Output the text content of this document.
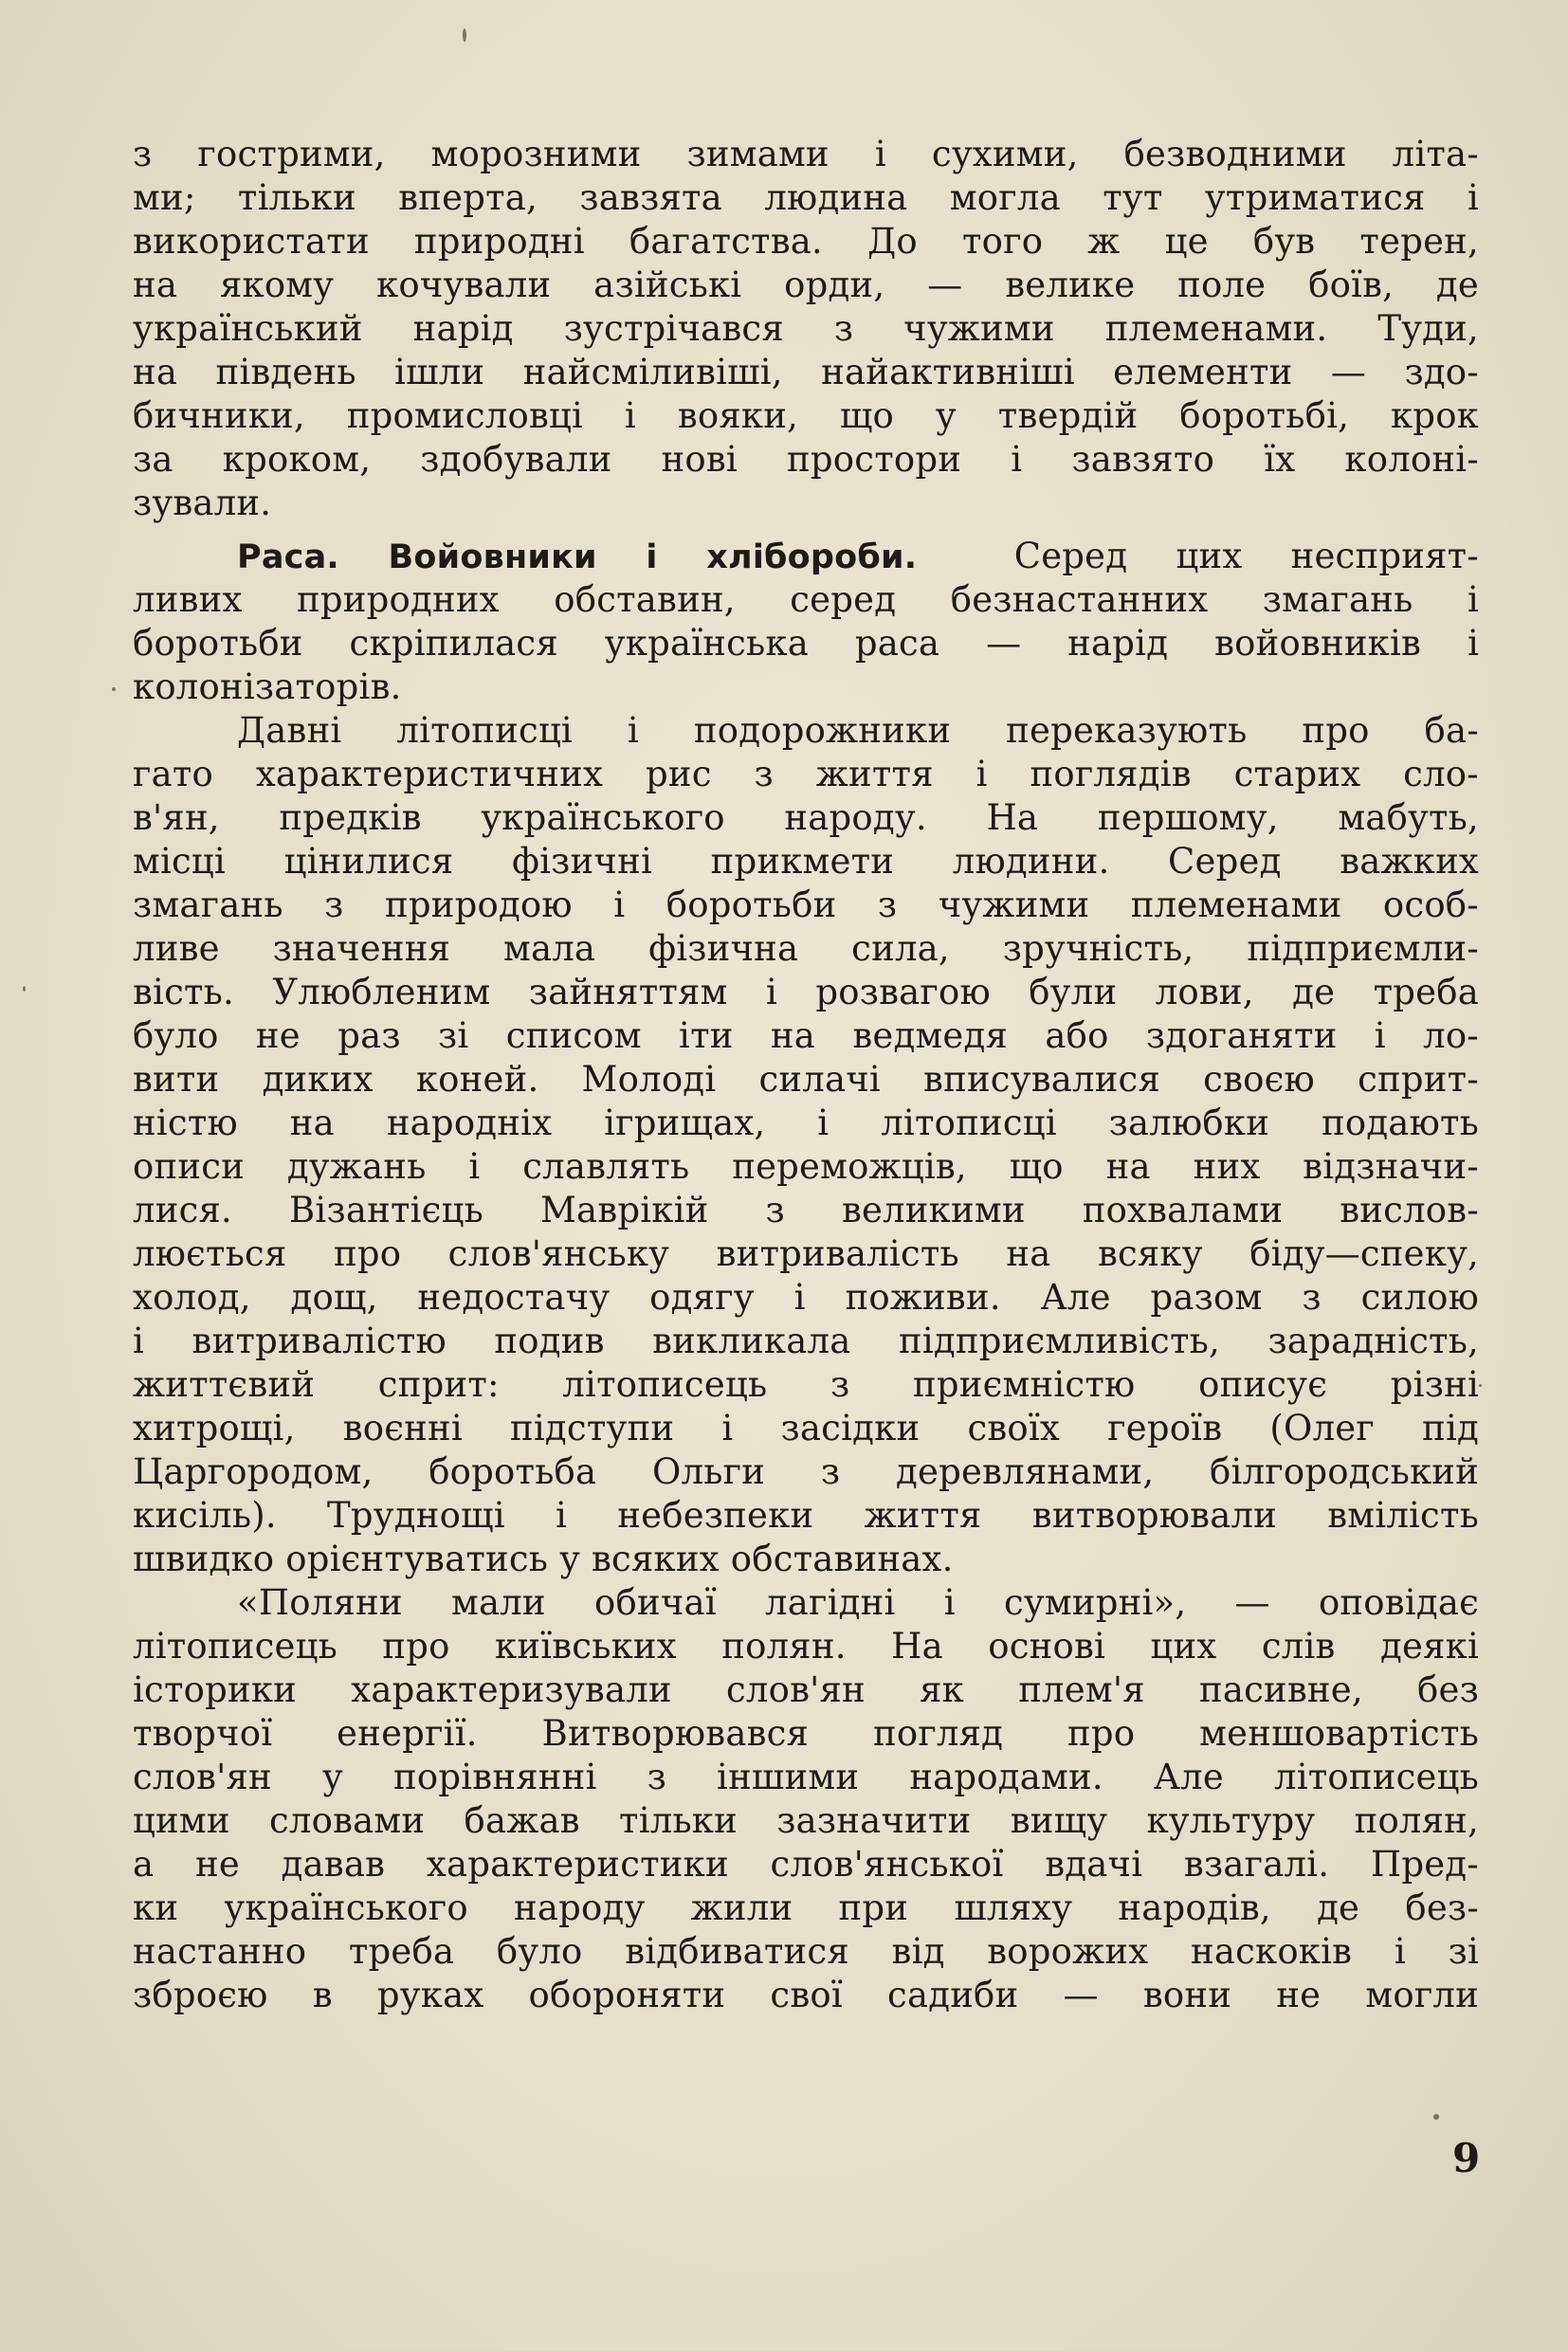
з гострими, морозними зимами і сухими, безводними літа-
ми; тільки вперта, завзята людина могла тут утриматися і
використати природні багатства. До того ж це був терен,
на якому кочували азійські орди, — велике поле боїв, де
український нарід зустрічався з чужими племенами. Туди,
на південь ішли найсміливіші, найактивніші елементи — здо-
бичники, промисловці і вояки, що у твердій боротьбі, крок
за кроком, здобували нові простори і завзято їх колоні-
зували.
Раса. Войовники і хлібороби.	Серед цих несприят-
ливих природних обставин, серед безнастанних змагань і
боротьби скріпилася українська раса — нарід войовників і
колонізаторів.
Давні літописці і подорожники переказують про ба-
гато характеристичних рис з життя і поглядів старих сло-
в'ян, предків українського народу. На першому, мабуть,
місці цінилися фізичні прикмети людини. Серед важких
змагань з природою і боротьби з чужими племенами особ-
ливе значення мала фізична сила, зручність, підприємли-
вість. Улюбленим зайняттям і розвагою були лови, де треба
було не раз зі списом іти на ведмедя або здоганяти і ло-
вити диких коней. Молоді силачі вписувалися своєю сприт-
ністю на народніх ігрищах, і літописці залюбки подають
описи дужань і славлять переможців, що на них відзначи-
лися. Візантієць Маврікій з великими похвалами вислов-
люється про слов'янську витривалість на всяку біду—спеку,
холод, дощ, недостачу одягу і поживи. Але разом з силою
і витривалістю подив викликала підприємливість, зарадність,
життєвий сприт: літописець з приємністю описує різні
хитрощі, воєнні підступи і засідки своїх героїв (Олег під
Царгородом, боротьба Ольги з деревлянами, білгородський
кисіль). Труднощі і небезпеки життя витворювали вмілість
швидко орієнтуватись у всяких обставинах.
«Поляни мали обичаї лагідні і сумирні», — оповідає
літописець про київських полян. На основі цих слів деякі
історики характеризували слов'ян як плем'я пасивне, без
творчої енергії. Витворювався погляд про меншовартість
слов'ян у порівнянні з іншими народами. Але літописець
цими словами бажав тільки зазначити вищу культуру полян,
а не давав характеристики слов'янської вдачі взагалі. Пред-
ки українського народу жили при шляху народів, де без-
настанно треба було відбиватися від ворожих наскоків і зі
зброєю в руках обороняти свої садиби — вони не могли
9
